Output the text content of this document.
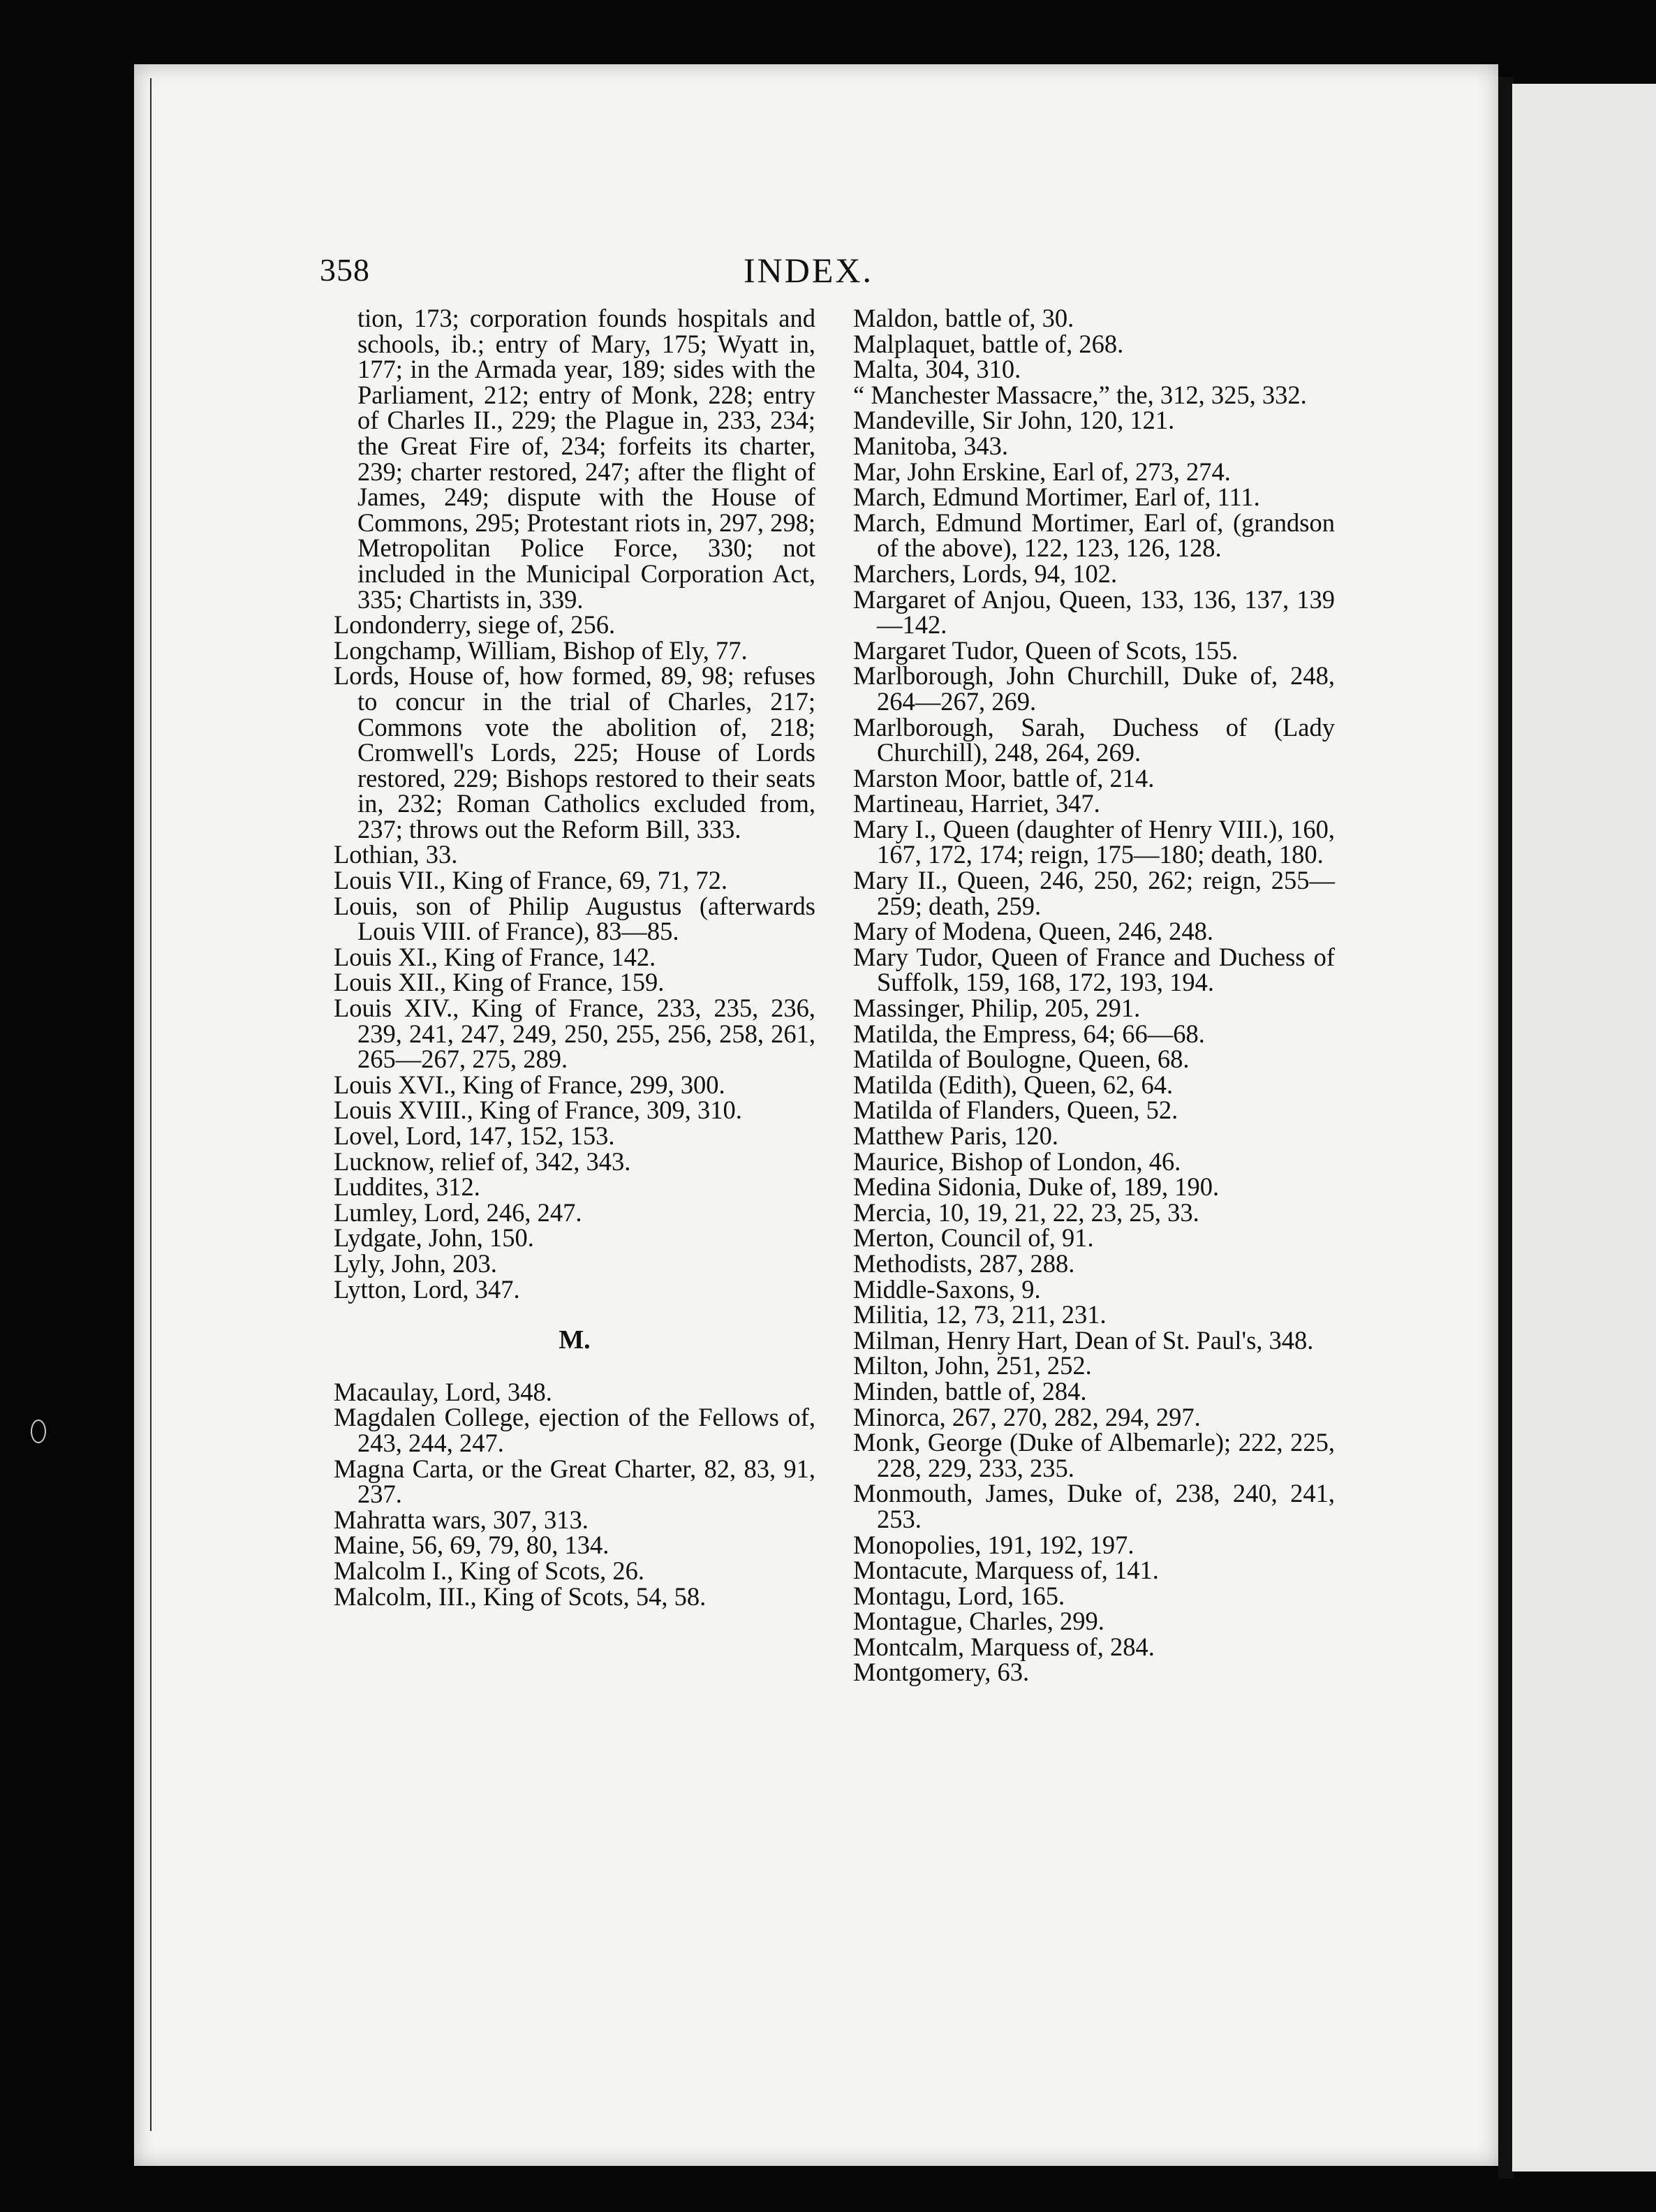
358	INDEX.
tion, 173; corporation founds hospitals and schools, ib.; entry of Mary, 175; Wyatt in, 177; in the Armada year, 189; sides with the Parliament, 212; entry of Monk, 228; entry of Charles II., 229; the Plague in, 233, 234; the Great Fire of, 234; forfeits its charter, 239; charter restored, 247; after the flight of James, 249; dispute with the House of Commons, 295; Protestant riots in, 297, 298; Metropolitan Police Force, 330; not included in the Municipal Corporation Act, 335; Chartists in, 339.
Londonderry, siege of, 256.
Longchamp, William, Bishop of Ely, 77.
Lords, House of, how formed, 89, 98; refuses to concur in the trial of Charles, 217; Commons vote the abolition of, 218; Cromwell's Lords, 225; House of Lords restored, 229; Bishops restored to their seats in, 232; Roman Catholics excluded from, 237; throws out the Reform Bill, 333.
Lothian, 33.
Louis VII., King of France, 69, 71, 72.
Louis, son of Philip Augustus (afterwards Louis VIII. of France), 83—85.
Louis XI., King of France, 142.
Louis XII., King of France, 159.
Louis XIV., King of France, 233, 235, 236, 239, 241, 247, 249, 250, 255, 256, 258, 261, 265—267, 275, 289.
Louis XVI., King of France, 299, 300.
Louis XVIII., King of France, 309, 310.
Lovel, Lord, 147, 152, 153.
Lucknow, relief of, 342, 343.
Luddites, 312.
Lumley, Lord, 246, 247.
Lydgate, John, 150.
Lyly, John, 203.
Lytton, Lord, 347.
M.
Macaulay, Lord, 348.
Magdalen College, ejection of the Fellows of, 243, 244, 247.
Magna Carta, or the Great Charter, 82, 83, 91, 237.
Mahratta wars, 307, 313.
Maine, 56, 69, 79, 80, 134.
Malcolm I., King of Scots, 26.
Malcolm, III., King of Scots, 54, 58.
Maldon, battle of, 30.
Malplaquet, battle of, 268.
Malta, 304, 310.
“ Manchester Massacre,” the, 312, 325, 332.
Mandeville, Sir John, 120, 121.
Manitoba, 343.
Mar, John Erskine, Earl of, 273, 274.
March, Edmund Mortimer, Earl of, 111.
March, Edmund Mortimer, Earl of, (grandson of the above), 122, 123, 126, 128.
Marchers, Lords, 94, 102.
Margaret of Anjou, Queen, 133, 136, 137, 139—142.
Margaret Tudor, Queen of Scots, 155.
Marlborough, John Churchill, Duke of, 248, 264—267, 269.
Marlborough, Sarah, Duchess of (Lady Churchill), 248, 264, 269.
Marston Moor, battle of, 214.
Martineau, Harriet, 347.
Mary I., Queen (daughter of Henry VIII.), 160, 167, 172, 174; reign, 175—180; death, 180.
Mary II., Queen, 246, 250, 262; reign, 255—259; death, 259.
Mary of Modena, Queen, 246, 248.
Mary Tudor, Queen of France and Duchess of Suffolk, 159, 168, 172, 193, 194.
Massinger, Philip, 205, 291.
Matilda, the Empress, 64; 66—68.
Matilda of Boulogne, Queen, 68.
Matilda (Edith), Queen, 62, 64.
Matilda of Flanders, Queen, 52.
Matthew Paris, 120.
Maurice, Bishop of London, 46.
Medina Sidonia, Duke of, 189, 190.
Mercia, 10, 19, 21, 22, 23, 25, 33.
Merton, Council of, 91.
Methodists, 287, 288.
Middle-Saxons, 9.
Militia, 12, 73, 211, 231.
Milman, Henry Hart, Dean of St. Paul's, 348.
Milton, John, 251, 252.
Minden, battle of, 284.
Minorca, 267, 270, 282, 294, 297.
Monk, George (Duke of Albemarle); 222, 225, 228, 229, 233, 235.
Monmouth, James, Duke of, 238, 240, 241, 253.
Monopolies, 191, 192, 197.
Montacute, Marquess of, 141.
Montagu, Lord, 165.
Montague, Charles, 299.
Montcalm, Marquess of, 284.
Montgomery, 63.
